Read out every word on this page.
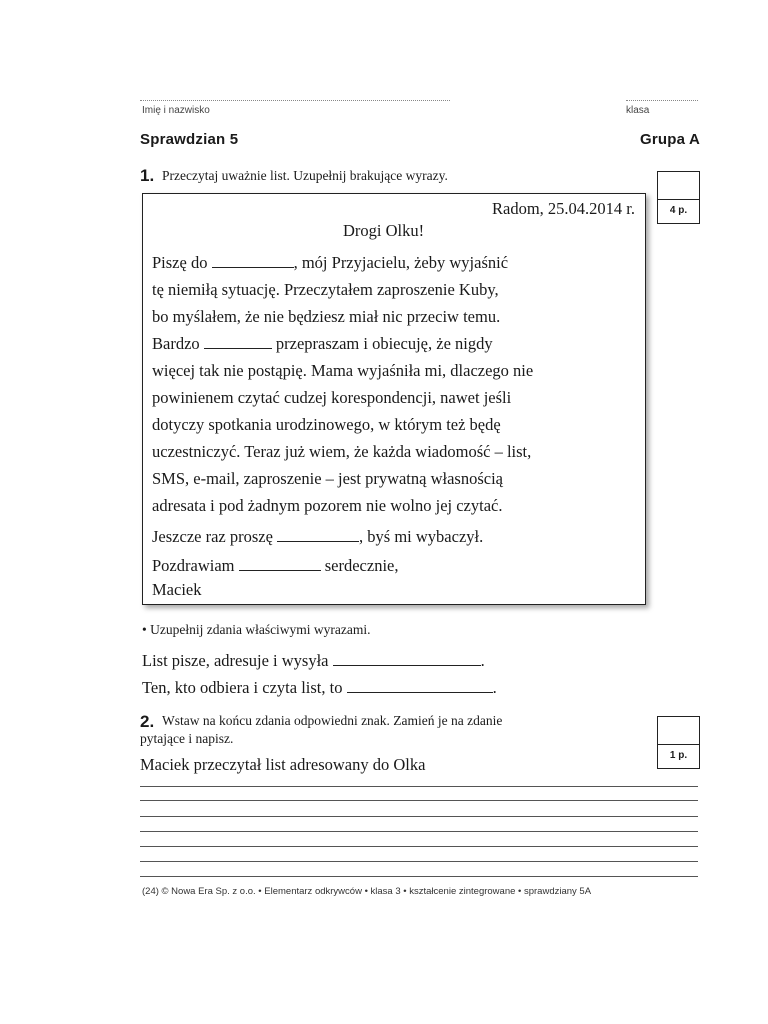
Imię i nazwisko	klasa
Sprawdzian 5	Grupa A
1. Przeczytaj uważnie list. Uzupełnij brakujące wyrazy.
4 p.
Radom, 25.04.2014 r.
Drogi Olku!
Piszę do	, mój Przyjacielu, żeby wyjaśnić
tę niemiłą sytuację. Przeczytałem zaproszenie Kuby,
bo myślałem, że nie będziesz miał nic przeciw temu.
Bardzo	przepraszam i obiecuję, że nigdy
więcej tak nie postąpię. Mama wyjaśniła mi, dlaczego nie
powinienem czytać cudzej korespondencji, nawet jeśli
dotyczy spotkania urodzinowego, w którym też będę
uczestniczyć. Teraz już wiem, że każda wiadomość – list,
SMS, e-mail, zaproszenie – jest prywatną własnością
adresata i pod żadnym pozorem nie wolno jej czytać.
Jeszcze raz proszę	, byś mi wybaczył.
Pozdrawiam	serdecznie,
Maciek
• Uzupełnij zdania właściwymi wyrazami.
List pisze, adresuje i wysyła	.
Ten, kto odbiera i czyta list, to	.
2. Wstaw na końcu zdania odpowiedni znak. Zamień je na zdanie
pytające i napisz.
1 p.
Maciek przeczytał list adresowany do Olka
(24) © Nowa Era Sp. z o.o. • Elementarz odkrywców • klasa 3 • kształcenie zintegrowane • sprawdziany 5A
